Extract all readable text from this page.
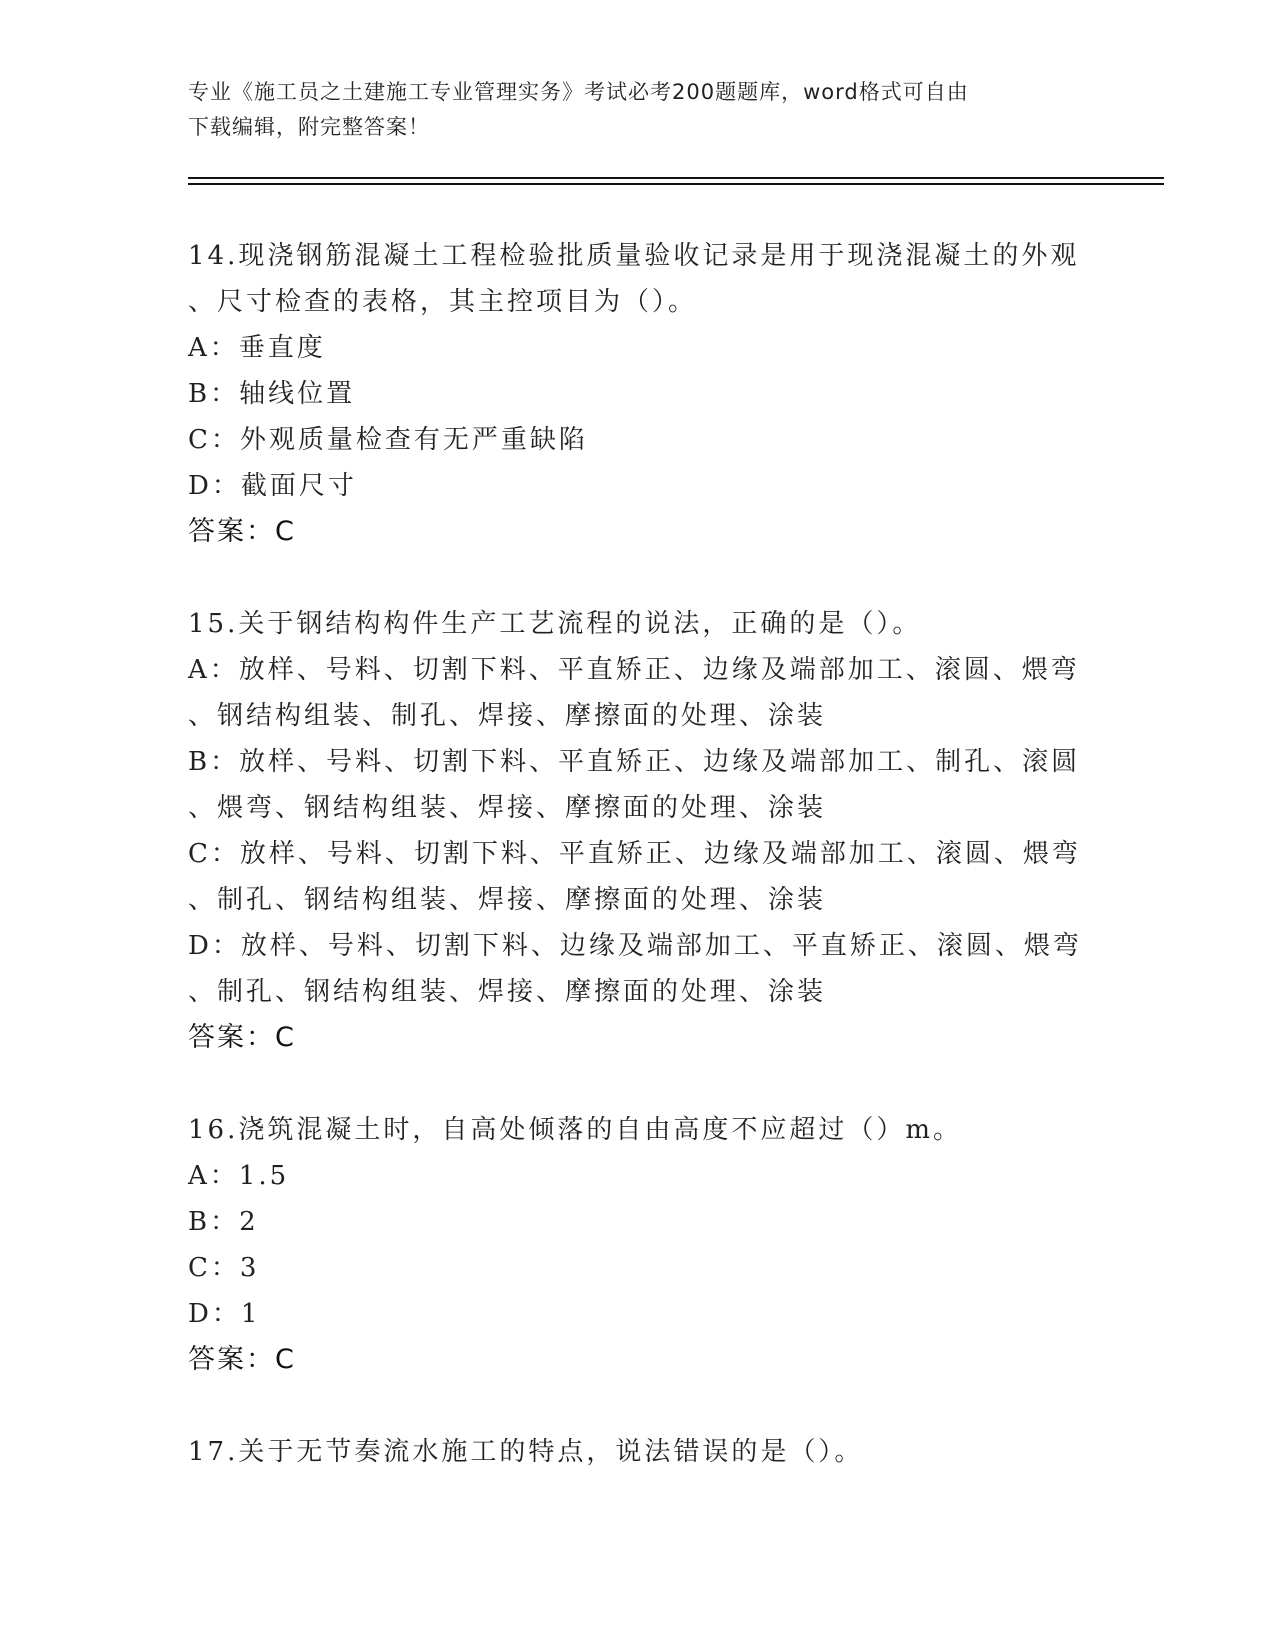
专业《施工员之土建施工专业管理实务》考试必考200题题库，word格式可自由
下载编辑，附完整答案！
14.现浇钢筋混凝土工程检验批质量验收记录是用于现浇混凝土的外观
、尺寸检查的表格，其主控项目为（）。
A：垂直度
B：轴线位置
C：外观质量检查有无严重缺陷
D：截面尺寸
答案：C
15.关于钢结构构件生产工艺流程的说法，正确的是（）。
A：放样、号料、切割下料、平直矫正、边缘及端部加工、滚圆、煨弯
、钢结构组装、制孔、焊接、摩擦面的处理、涂装
B：放样、号料、切割下料、平直矫正、边缘及端部加工、制孔、滚圆
、煨弯、钢结构组装、焊接、摩擦面的处理、涂装
C：放样、号料、切割下料、平直矫正、边缘及端部加工、滚圆、煨弯
、制孔、钢结构组装、焊接、摩擦面的处理、涂装
D：放样、号料、切割下料、边缘及端部加工、平直矫正、滚圆、煨弯
、制孔、钢结构组装、焊接、摩擦面的处理、涂装
答案：C
16.浇筑混凝土时，自高处倾落的自由高度不应超过（）m。
A：1.5
B：2
C：3
D：1
答案：C
17.关于无节奏流水施工的特点，说法错误的是（）。
